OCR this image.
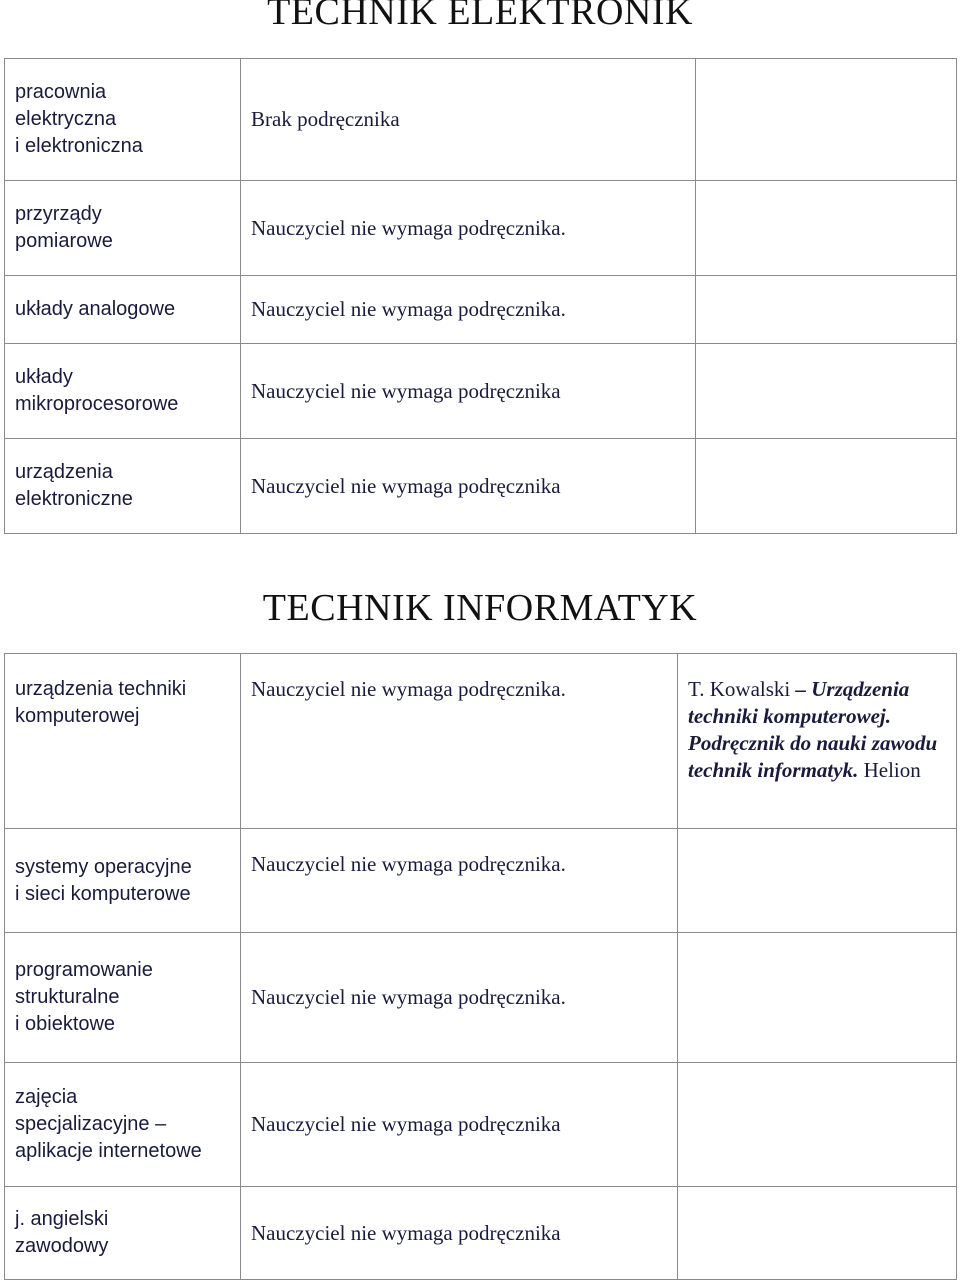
TECHNIK ELEKTRONIK
pracownia
elektryczna
i elektroniczna	Brak podręcznika	
przyrządy
pomiarowe	Nauczyciel nie wymaga podręcznika.	
układy analogowe	Nauczyciel nie wymaga podręcznika.	
układy
mikroprocesorowe	Nauczyciel nie wymaga podręcznika	
urządzenia
elektroniczne	Nauczyciel nie wymaga podręcznika	
TECHNIK INFORMATYK
urządzenia techniki
komputerowej	Nauczyciel nie wymaga podręcznika.	T. Kowalski – Urządzenia techniki komputerowej. Podręcznik do nauki zawodu technik informatyk. Helion
systemy operacyjne
i sieci komputerowe	Nauczyciel nie wymaga podręcznika.	
programowanie
strukturalne
i obiektowe	Nauczyciel nie wymaga podręcznika.	
zajęcia
specjalizacyjne –
aplikacje internetowe	Nauczyciel nie wymaga podręcznika	
j. angielski
zawodowy	Nauczyciel nie wymaga podręcznika	
